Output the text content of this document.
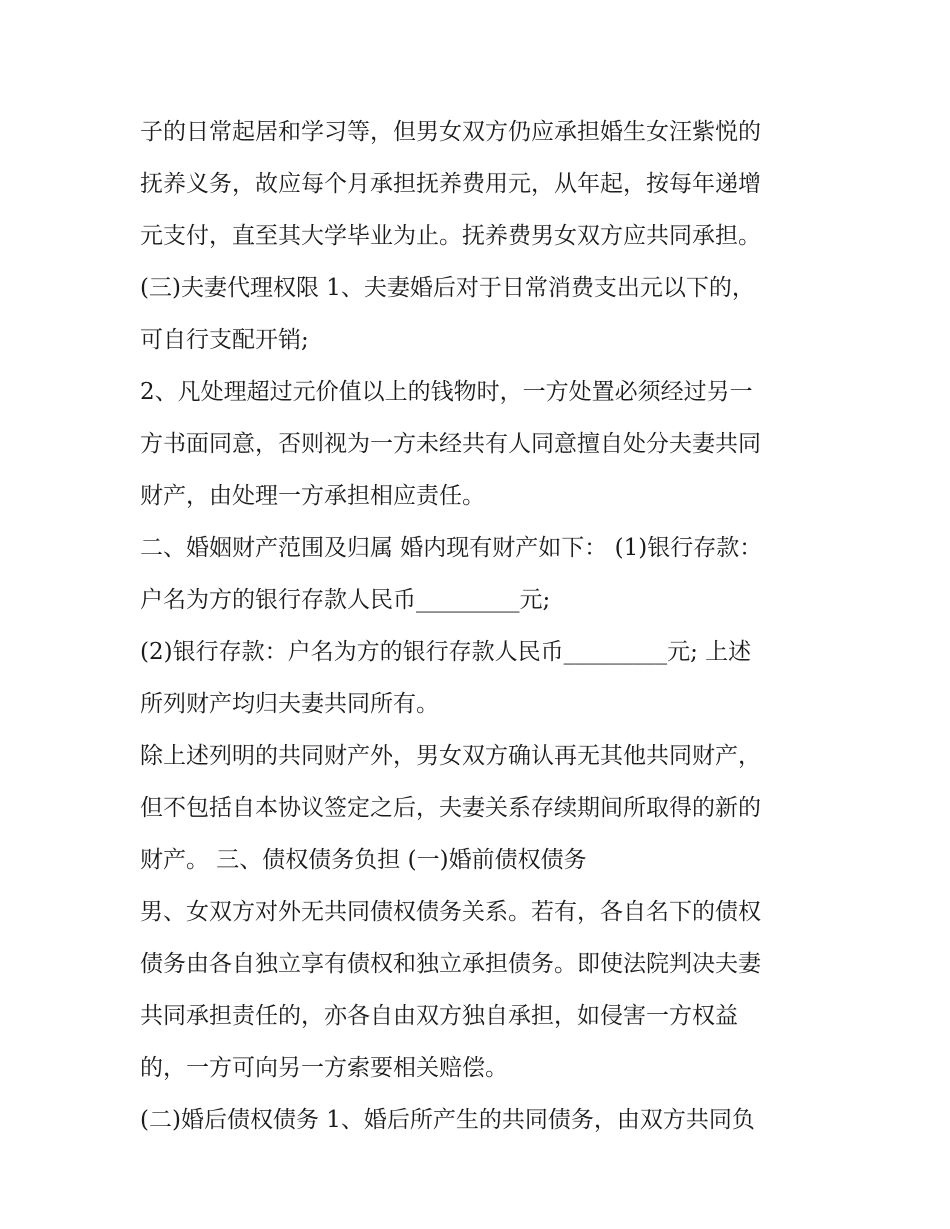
子的日常起居和学习等，但男女双方仍应承担婚生女汪紫悦的
抚养义务，故应每个月承担抚养费用元，从年起，按每年递增
元支付，直至其大学毕业为止。抚养费男女双方应共同承担。
(三)夫妻代理权限 1、夫妻婚后对于日常消费支出元以下的，
可自行支配开销;
2、凡处理超过元价值以上的钱物时，一方处置必须经过另一
方书面同意，否则视为一方未经共有人同意擅自处分夫妻共同
财产，由处理一方承担相应责任。
二、婚姻财产范围及归属 婚内现有财产如下： (1)银行存款：
户名为方的银行存款人民币_________元;
(2)银行存款：户名为方的银行存款人民币_________元; 上述
所列财产均归夫妻共同所有。
除上述列明的共同财产外，男女双方确认再无其他共同财产，
但不包括自本协议签定之后，夫妻关系存续期间所取得的新的
财产。 三、债权债务负担 (一)婚前债权债务
男、女双方对外无共同债权债务关系。若有，各自名下的债权
债务由各自独立享有债权和独立承担债务。即使法院判决夫妻
共同承担责任的，亦各自由双方独自承担，如侵害一方权益
的，一方可向另一方索要相关赔偿。
(二)婚后债权债务 1、婚后所产生的共同债务，由双方共同负
